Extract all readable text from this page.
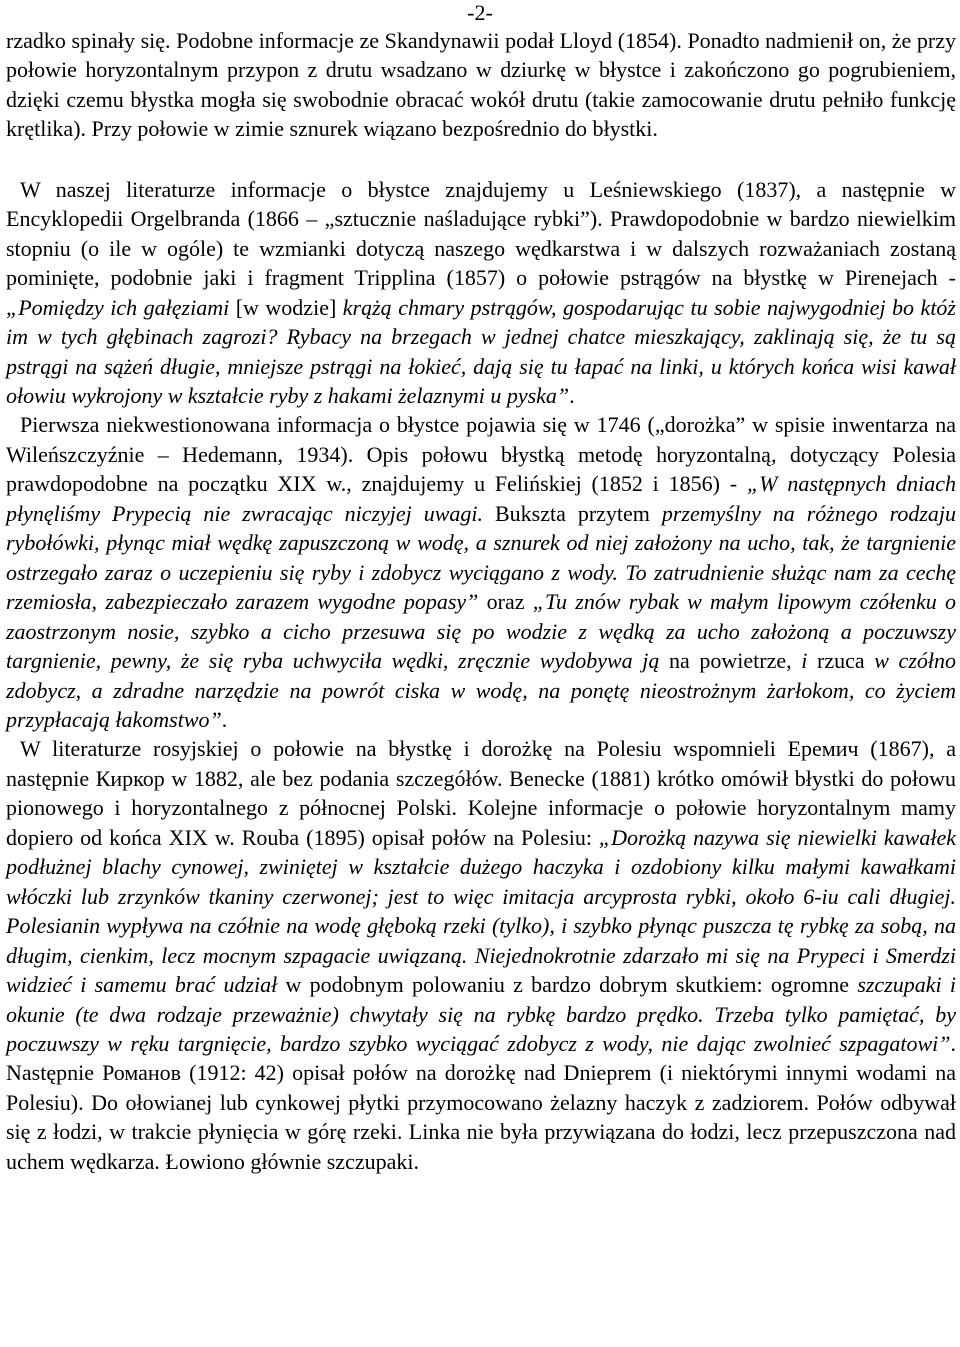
-2-

rzadko spinały się. Podobne informacje ze Skandynawii podał Lloyd (1854). Ponadto nadmienił on, że przy połowie horyzontalnym przypon z drutu wsadzano w dziurkę w błystce i zakończono go pogrubieniem, dzięki czemu błystka mogła się swobodnie obracać wokół drutu (takie zamocowanie drutu pełniło funkcję krętlika). Przy połowie w zimie sznurek wiązano bezpośrednio do błystki.

W naszej literaturze informacje o błystce znajdujemy u Leśniewskiego (1837), a następnie w Encyklopedii Orgelbranda (1866 – „sztucznie naśladujące rybki”). Prawdopodobnie w bardzo niewielkim stopniu (o ile w ogóle) te wzmianki dotyczą naszego wędkarstwa i w dalszych rozważaniach zostaną pominięte, podobnie jaki i fragment Tripplina (1857) o połowie pstrągów na błystkę w Pirenejach - „Pomiędzy ich gałęziami [w wodzie] krążą chmary pstrągów, gospodarując tu sobie najwygodniej bo któż im w tych głębinach zagrozi? Rybacy na brzegach w jednej chatce mieszkający, zaklinają się, że tu są pstrągi na sążeń długie, mniejsze pstrągi na łokieć, dają się tu łapać na linki, u których końca wisi kawał ołowiu wykrojony w kształcie ryby z hakami żelaznymi u pyska”.

Pierwsza niekwestionowana informacja o błystce pojawia się w 1746 („dorożka” w spisie inwentarza na Wileńszczyźnie – Hedemann, 1934). Opis połowu błystką metodę horyzontalną, dotyczący Polesia prawdopodobne na początku XIX w., znajdujemy u Felińskiej (1852 i 1856) - „W następnych dniach płynęliśmy Prypecią nie zwracając niczyjej uwagi. Bukszta przytem przemyślny na różnego rodzaju rybołówki, płynąc miał wędkę zapuszczoną w wodę, a sznurek od niej założony na ucho, tak, że targnienie ostrzegało zaraz o uczepieniu się ryby i zdobycz wyciągano z wody. To zatrudnienie służąc nam za cechę rzemiosła, zabezpieczało zarazem wygodne popasy” oraz „Tu znów rybak w małym lipowym czółenku o zaostrzonym nosie, szybko a cicho przesuwa się po wodzie z wędką za ucho założoną a poczuwszy targnienie, pewny, że się ryba uchwyciła wędki, zręcznie wydobywa ją na powietrze, i rzuca w czółno zdobycz, a zdradne narzędzie na powrót ciska w wodę, na ponętę nieostrożnym żarłokom, co życiem przypłacają łakomstwo”.

W literaturze rosyjskiej o połowie na błystkę i dorożkę na Polesiu wspomnieli Еремич (1867), a następnie Киркор w 1882, ale bez podania szczegółów. Benecke (1881) krótko omówił błystki do połowu pionowego i horyzontalnego z północnej Polski. Kolejne informacje o połowie horyzontalnym mamy dopiero od końca XIX w. Rouba (1895) opisał połów na Polesiu: „Dorożką nazywa się niewielki kawałek podłużnej blachy cynowej, zwiniętej w kształcie dużego haczyka i ozdobiony kilku małymi kawałkami włóczki lub zrzynków tkaniny czerwonej; jest to więc imitacja arcyprosta rybki, około 6-iu cali długiej. Polesianin wypływa na czółnie na wodę głęboką rzeki (tylko), i szybko płynąc puszcza tę rybkę za sobą, na długim, cienkim, lecz mocnym szpagacie uwiązaną. Niejednokrotnie zdarzało mi się na Prypeci i Smerdzi widzieć i samemu brać udział w podobnym polowaniu z bardzo dobrym skutkiem: ogromne szczupaki i okunie (te dwa rodzaje przeważnie) chwytały się na rybkę bardzo prędko. Trzeba tylko pamiętać, by poczuwszy w ręku targnięcie, bardzo szybko wyciągać zdobycz z wody, nie dając zwolnieć szpagatowi”. Następnie Романов (1912: 42) opisał połów na dorożkę nad Dnieprem (i niektórymi innymi wodami na Polesiu). Do ołowianej lub cynkowej płytki przymocowano żelazny haczyk z zadziorem. Połów odbywał się z łodzi, w trakcie płynięcia w górę rzeki. Linka nie była przywiązana do łodzi, lecz przepuszczona nad uchem wędkarza. Łowiono głównie szczupaki.
